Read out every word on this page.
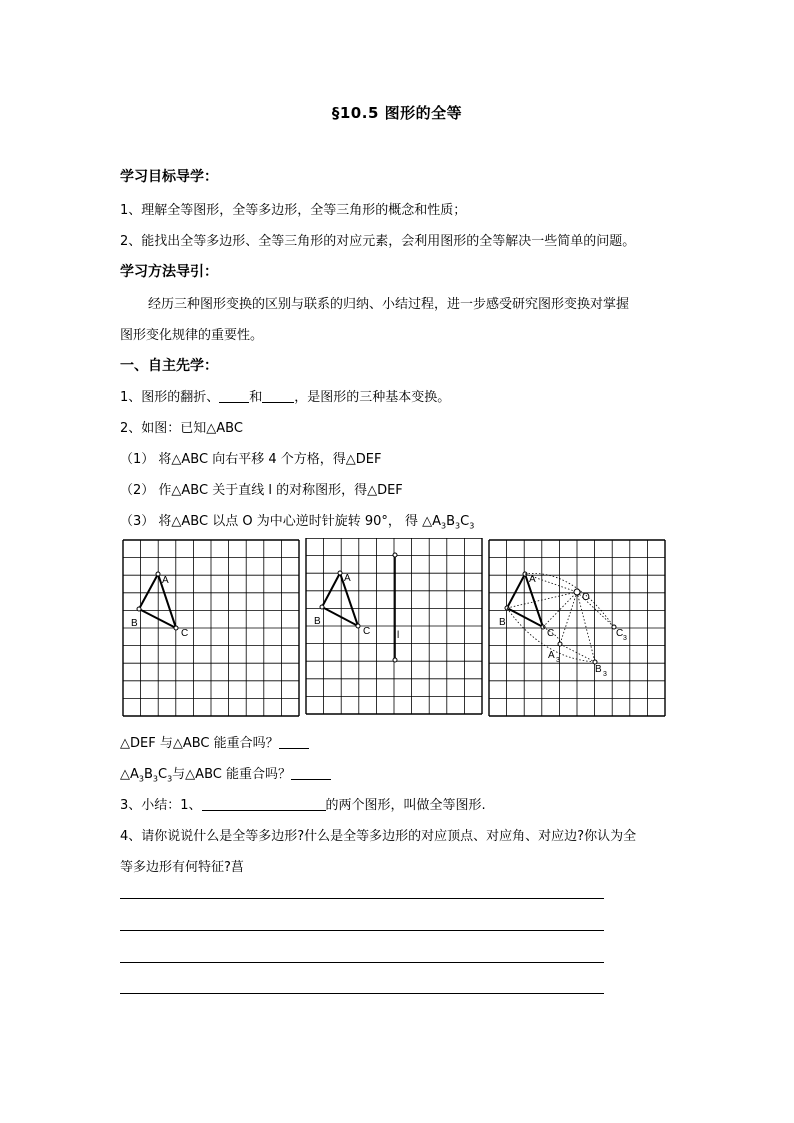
§10.5 图形的全等
学习目标导学：
1、理解全等图形，全等多边形，全等三角形的概念和性质；
2、能找出全等多边形、全等三角形的对应元素，会利用图形的全等解决一些简单的问题。
学习方法导引：
经历三种图形变换的区别与联系的归纳、小结过程，进一步感受研究图形变换对掌握
图形变化规律的重要性。
一、自主先学：
1、图形的翻折、 和 ，是图形的三种基本变换。
2、如图：已知△ABC
（1） 将△ABC 向右平移 4 个方格，得△DEF
（2） 作△ABC 关于直线 l 的对称图形，得△DEF
（3） 将△ABC 以点 O 为中心逆时针旋转 90°， 得 $\triangle A_3B_3C_3$
A
B
C
A
B
C	l
A
B
C
O
A 3
B 3
C 3
△DEF 与△ABC 能重合吗？
$\triangle A_3B_3C_3$与△ABC 能重合吗？
3、小结：1、	的两个图形，叫做全等图形.
4、请你说说什么是全等多边形?什么是全等多边形的对应顶点、对应角、对应边?你认为全
等多边形有何特征?菖
